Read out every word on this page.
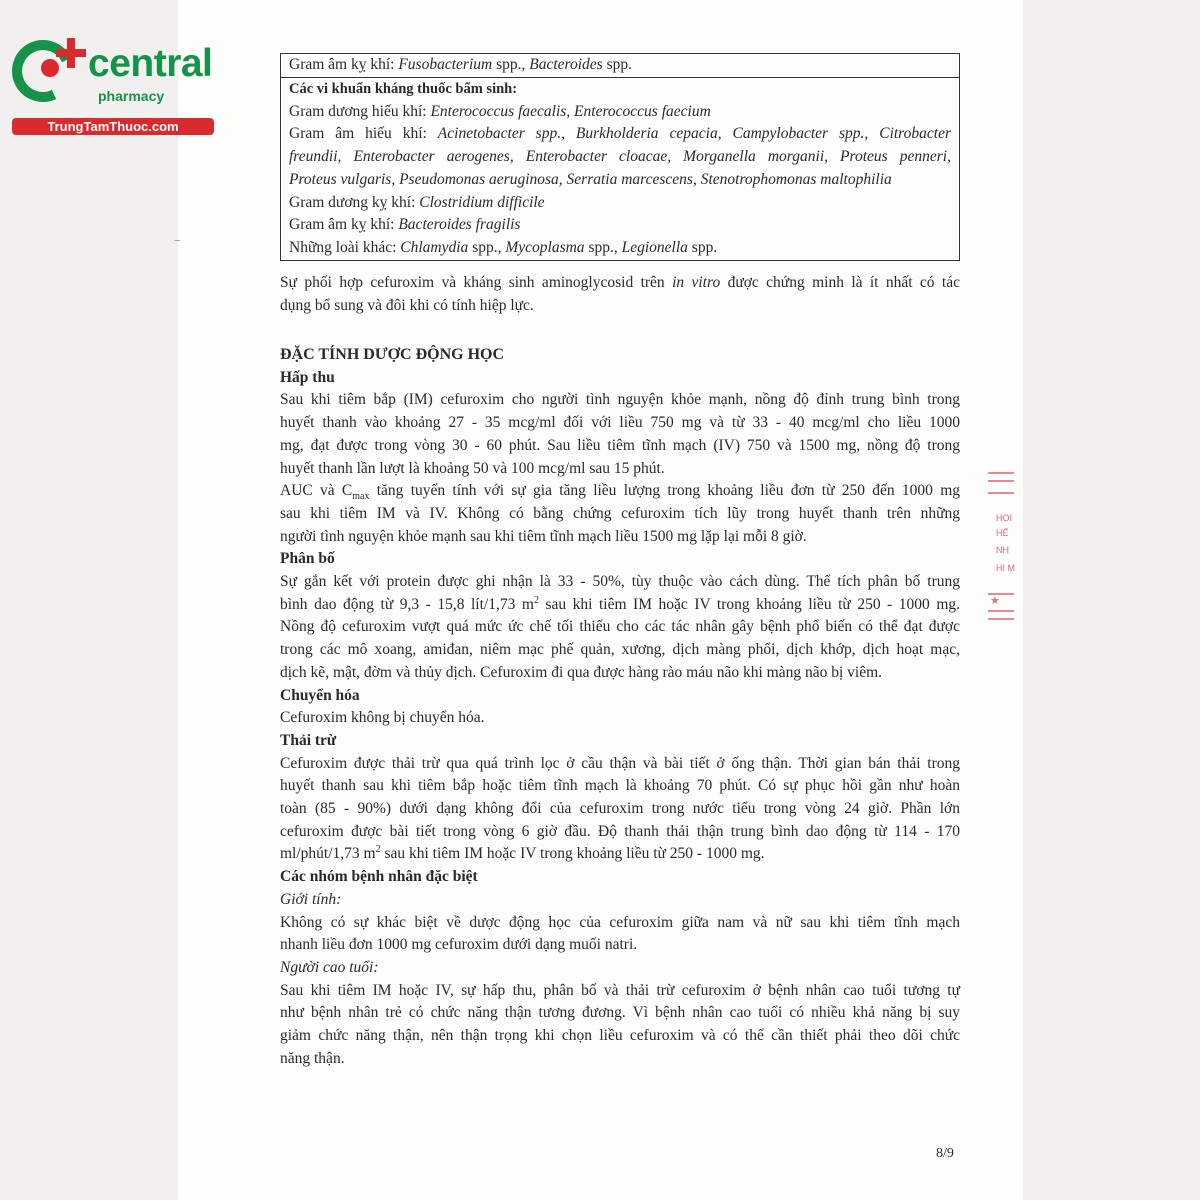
central
pharmacy
TrungTamThuoc.com
Gram âm kỵ khí: Fusobacterium spp., Bacteroides spp.
Các vi khuẩn kháng thuốc bẩm sinh:
Gram dương hiếu khí: Enterococcus faecalis, Enterococcus faecium
Gram âm hiếu khí: Acinetobacter spp., Burkholderia cepacia, Campylobacter spp., Citrobacter
freundii, Enterobacter aerogenes, Enterobacter cloacae, Morganella morganii, Proteus penneri,
Proteus vulgaris, Pseudomonas aeruginosa, Serratia marcescens, Stenotrophomonas maltophilia
Gram dương kỵ khí: Clostridium difficile
Gram âm kỵ khí: Bacteroides fragilis
Những loài khác: Chlamydia spp., Mycoplasma spp., Legionella spp.

Sự phối hợp cefuroxim và kháng sinh aminoglycosid trên in vitro được chứng minh là ít nhất có tác

dụng bổ sung và đôi khi có tính hiệp lực.

ĐẶC TÍNH DƯỢC ĐỘNG HỌC

Hấp thu

Sau khi tiêm bắp (IM) cefuroxim cho người tình nguyện khỏe mạnh, nồng độ đỉnh trung bình trong

huyết thanh vào khoảng 27 - 35 mcg/ml đối với liều 750 mg và từ 33 - 40 mcg/ml cho liều 1000

mg, đạt được trong vòng 30 - 60 phút. Sau liều tiêm tĩnh mạch (IV) 750 và 1500 mg, nồng độ trong

huyết thanh lần lượt là khoảng 50 và 100 mcg/ml sau 15 phút.

AUC và $C_{max}$ tăng tuyến tính với sự gia tăng liều lượng trong khoảng liều đơn từ 250 đến 1000 mg

sau khi tiêm IM và IV. Không có bằng chứng cefuroxim tích lũy trong huyết thanh trên những

người tình nguyện khỏe mạnh sau khi tiêm tĩnh mạch liều 1500 mg lặp lại mỗi 8 giờ.

Phân bố

Sự gắn kết với protein được ghi nhận là 33 - 50%, tùy thuộc vào cách dùng. Thể tích phân bố trung

bình dao động từ 9,3 - 15,8 lít/1,73 $m^2$ sau khi tiêm IM hoặc IV trong khoảng liều từ 250 - 1000 mg.

Nồng độ cefuroxim vượt quá mức ức chế tối thiểu cho các tác nhân gây bệnh phổ biến có thể đạt được

trong các mô xoang, amiđan, niêm mạc phế quản, xương, dịch màng phổi, dịch khớp, dịch hoạt mạc,

dịch kẽ, mật, đờm và thủy dịch. Cefuroxim đi qua được hàng rào máu não khi màng não bị viêm.

Chuyển hóa

Cefuroxim không bị chuyển hóa.

Thải trừ

Cefuroxim được thải trừ qua quá trình lọc ở cầu thận và bài tiết ở ống thận. Thời gian bán thải trong

huyết thanh sau khi tiêm bắp hoặc tiêm tĩnh mạch là khoảng 70 phút. Có sự phục hồi gần như hoàn

toàn (85 - 90%) dưới dạng không đổi của cefuroxim trong nước tiểu trong vòng 24 giờ. Phần lớn

cefuroxim được bài tiết trong vòng 6 giờ đầu. Độ thanh thải thận trung bình dao động từ 114 - 170

ml/phút/1,73 $m^2$ sau khi tiêm IM hoặc IV trong khoảng liều từ 250 - 1000 mg.

Các nhóm bệnh nhân đặc biệt

Giới tính:

Không có sự khác biệt về dược động học của cefuroxim giữa nam và nữ sau khi tiêm tĩnh mạch

nhanh liều đơn 1000 mg cefuroxim dưới dạng muối natri.

Người cao tuổi:

Sau khi tiêm IM hoặc IV, sự hấp thu, phân bố và thải trừ cefuroxim ở bệnh nhân cao tuổi tương tự

như bệnh nhân trẻ có chức năng thận tương đương. Vì bệnh nhân cao tuổi có nhiều khả năng bị suy

giảm chức năng thận, nên thận trọng khi chọn liều cefuroxim và có thể cần thiết phải theo dõi chức

năng thận.

HOI
HẾ
NH
HI M
★
8/9
